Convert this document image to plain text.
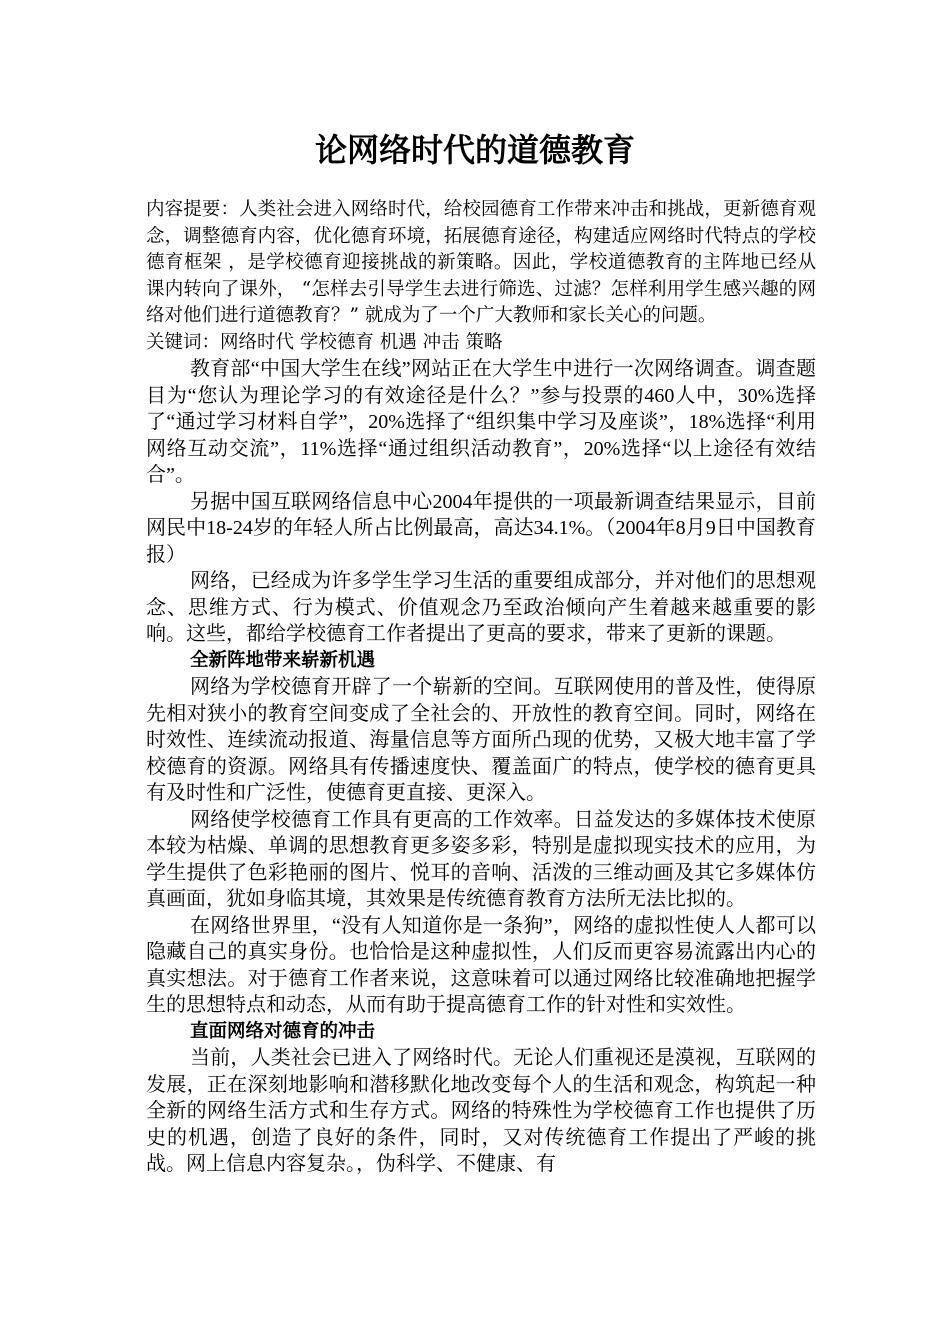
论网络时代的道德教育

内容提要：人类社会进入网络时代，给校园德育工作带来冲击和挑战，更新德育观念，调整德育内容，优化德育环境，拓展德育途径，构建适应网络时代特点的学校德育框架 ，是学校德育迎接挑战的新策略。因此，学校道德教育的主阵地已经从课内转向了课外， “怎样去引导学生去进行筛选、过滤？怎样利用学生感兴趣的网络对他们进行道德教育？” 就成为了一个广大教师和家长关心的问题。

关键词：网络时代 学校德育 机遇 冲击 策略

教育部“中国大学生在线”网站正在大学生中进行一次网络调查。调查题目为“您认为理论学习的有效途径是什么？”参与投票的460人中，30%选择了“通过学习材料自学”，20%选择了“组织集中学习及座谈”，18%选择“利用网络互动交流”，11%选择“通过组织活动教育”，20%选择“以上途径有效结合”。

另据中国互联网络信息中心2004年提供的一项最新调查结果显示，目前网民中18-24岁的年轻人所占比例最高，高达34.1%。（2004年8月9日中国教育报）

网络，已经成为许多学生学习生活的重要组成部分，并对他们的思想观念、思维方式、行为模式、价值观念乃至政治倾向产生着越来越重要的影响。这些，都给学校德育工作者提出了更高的要求，带来了更新的课题。

全新阵地带来崭新机遇

网络为学校德育开辟了一个崭新的空间。互联网使用的普及性，使得原先相对狭小的教育空间变成了全社会的、开放性的教育空间。同时，网络在时效性、连续流动报道、海量信息等方面所凸现的优势，又极大地丰富了学校德育的资源。网络具有传播速度快、覆盖面广的特点，使学校的德育更具有及时性和广泛性，使德育更直接、更深入。

网络使学校德育工作具有更高的工作效率。日益发达的多媒体技术使原本较为枯燥、单调的思想教育更多姿多彩，特别是虚拟现实技术的应用，为学生提供了色彩艳丽的图片、悦耳的音响、活泼的三维动画及其它多媒体仿真画面，犹如身临其境，其效果是传统德育教育方法所无法比拟的。

在网络世界里，“没有人知道你是一条狗”，网络的虚拟性使人人都可以隐藏自己的真实身份。也恰恰是这种虚拟性，人们反而更容易流露出内心的真实想法。对于德育工作者来说，这意味着可以通过网络比较准确地把握学生的思想特点和动态，从而有助于提高德育工作的针对性和实效性。

直面网络对德育的冲击

当前，人类社会已进入了网络时代。无论人们重视还是漠视，互联网的发展，正在深刻地影响和潜移默化地改变每个人的生活和观念，构筑起一种全新的网络生活方式和生存方式。网络的特殊性为学校德育工作也提供了历史的机遇，创造了良好的条件，同时，又对传统德育工作提出了严峻的挑战。网上信息内容复杂。，伪科学、不健康、有
